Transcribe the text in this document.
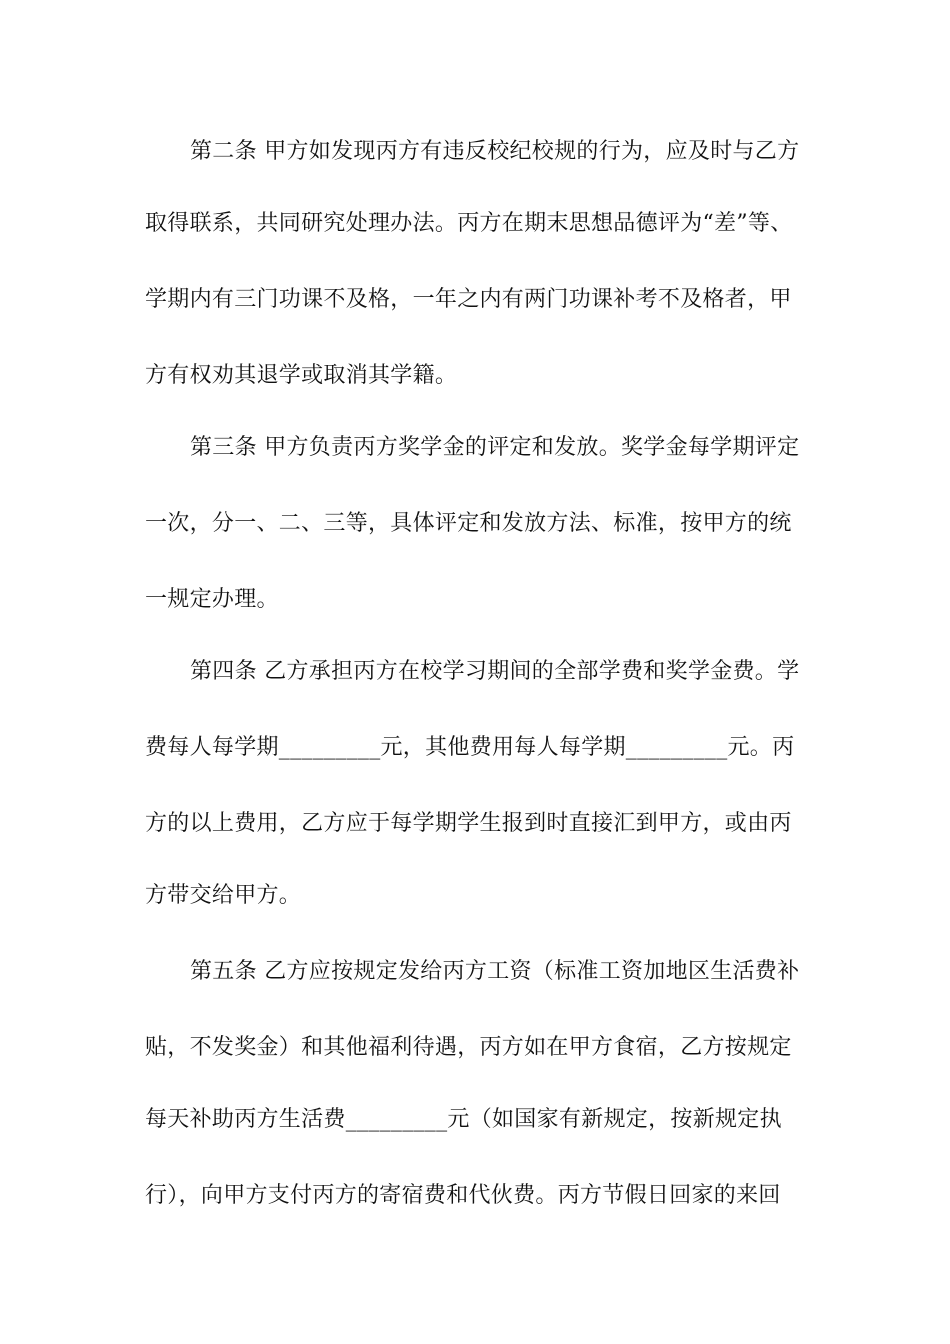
第二条 甲方如发现丙方有违反校纪校规的行为，应及时与乙方
取得联系，共同研究处理办法。丙方在期末思想品德评为“差”等、
学期内有三门功课不及格，一年之内有两门功课补考不及格者，甲
方有权劝其退学或取消其学籍。
第三条 甲方负责丙方奖学金的评定和发放。奖学金每学期评定
一次，分一、二、三等，具体评定和发放方法、标准，按甲方的统
一规定办理。
第四条 乙方承担丙方在校学习期间的全部学费和奖学金费。学
费每人每学期_________元，其他费用每人每学期_________元。丙
方的以上费用，乙方应于每学期学生报到时直接汇到甲方，或由丙
方带交给甲方。
第五条 乙方应按规定发给丙方工资（标准工资加地区生活费补
贴，不发奖金）和其他福利待遇，丙方如在甲方食宿，乙方按规定
每天补助丙方生活费_________元（如国家有新规定，按新规定执
行），向甲方支付丙方的寄宿费和代伙费。丙方节假日回家的来回
